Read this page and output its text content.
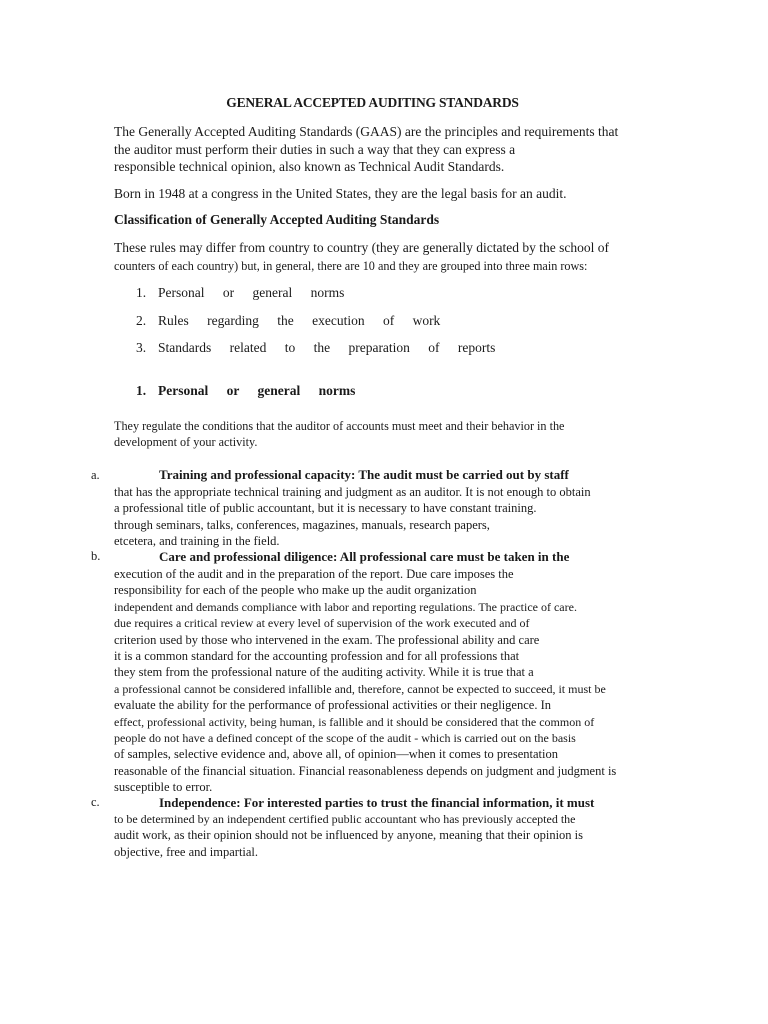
GENERAL ACCEPTED AUDITING STANDARDS
The Generally Accepted Auditing Standards (GAAS) are the principles and requirements that
the auditor must perform their duties in such a way that they can express a
responsible technical opinion, also known as Technical Audit Standards.
Born in 1948 at a congress in the United States, they are the legal basis for an audit.
Classification of Generally Accepted Auditing Standards
These rules may differ from country to country (they are generally dictated by the school of
counters of each country) but, in general, there are 10 and they are grouped into three main rows:
1. Personal or general norms
2. Rules regarding the execution of work
3. Standards related to the preparation of reports
1. Personal or general norms
They regulate the conditions that the auditor of accounts must meet and their behavior in the
development of your activity.
a.	Training and professional capacity: The audit must be carried out by staff
that has the appropriate technical training and judgment as an auditor. It is not enough to obtain
a professional title of public accountant, but it is necessary to have constant training.
through seminars, talks, conferences, magazines, manuals, research papers,
etcetera, and training in the field.
b.	Care and professional diligence: All professional care must be taken in the
execution of the audit and in the preparation of the report. Due care imposes the
responsibility for each of the people who make up the audit organization
independent and demands compliance with labor and reporting regulations. The practice of care.
due requires a critical review at every level of supervision of the work executed and of
criterion used by those who intervened in the exam. The professional ability and care
it is a common standard for the accounting profession and for all professions that
they stem from the professional nature of the auditing activity. While it is true that a
a professional cannot be considered infallible and, therefore, cannot be expected to succeed, it must be
evaluate the ability for the performance of professional activities or their negligence. In
effect, professional activity, being human, is fallible and it should be considered that the common of
people do not have a defined concept of the scope of the audit - which is carried out on the basis
of samples, selective evidence and, above all, of opinion—when it comes to presentation
reasonable of the financial situation. Financial reasonableness depends on judgment and judgment is
susceptible to error.
c.	Independence: For interested parties to trust the financial information, it must
to be determined by an independent certified public accountant who has previously accepted the
audit work, as their opinion should not be influenced by anyone, meaning that their opinion is
objective, free and impartial.
